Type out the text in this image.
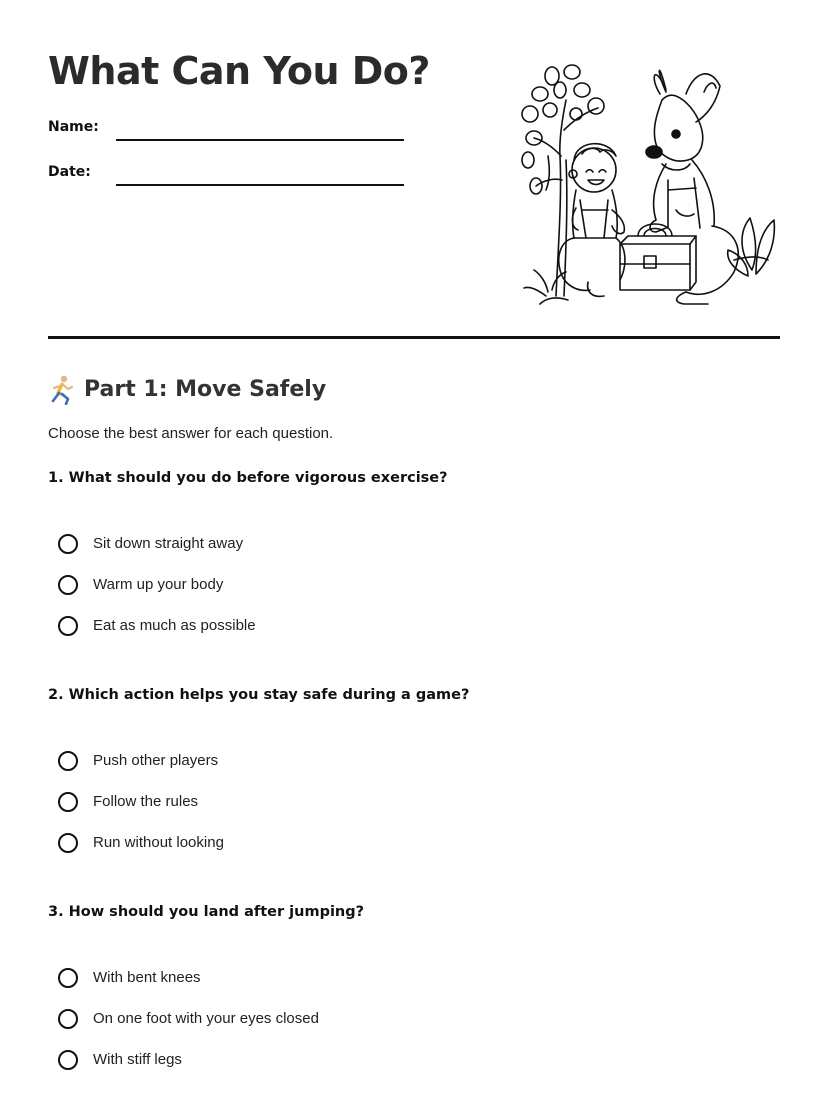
What Can You Do?
Name:
Date:
Part 1: Move Safely
Choose the best answer for each question.
1. What should you do before vigorous exercise?
Sit down straight away
Warm up your body
Eat as much as possible
2. Which action helps you stay safe during a game?
Push other players
Follow the rules
Run without looking
3. How should you land after jumping?
With bent knees
On one foot with your eyes closed
With stiff legs
